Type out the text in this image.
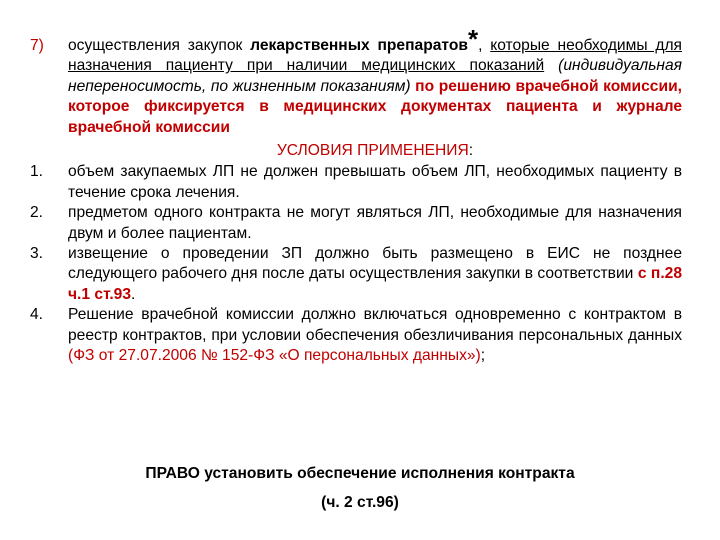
7) осуществления закупок лекарственных препаратов*, которые необходимы для назначения пациенту при наличии медицинских показаний (индивидуальная непереносимость, по жизненным показаниям) по решению врачебной комиссии, которое фиксируется в медицинских документах пациента и журнале врачебной комиссии
УСЛОВИЯ ПРИМЕНЕНИЯ:
1. объем закупаемых ЛП не должен превышать объем ЛП, необходимых пациенту в течение срока лечения.
2. предметом одного контракта не могут являться ЛП, необходимые для назначения двум и более пациентам.
3. извещение о проведении ЗП должно быть размещено в ЕИС не позднее следующего рабочего дня после даты осуществления закупки в соответствии с п.28 ч.1 ст.93.
4. Решение врачебной комиссии должно включаться одновременно с контрактом в реестр контрактов, при условии обеспечения обезличивания персональных данных (ФЗ от 27.07.2006 № 152-ФЗ «О персональных данных»);
ПРАВО установить обеспечение исполнения контракта
(ч. 2 ст.96)
